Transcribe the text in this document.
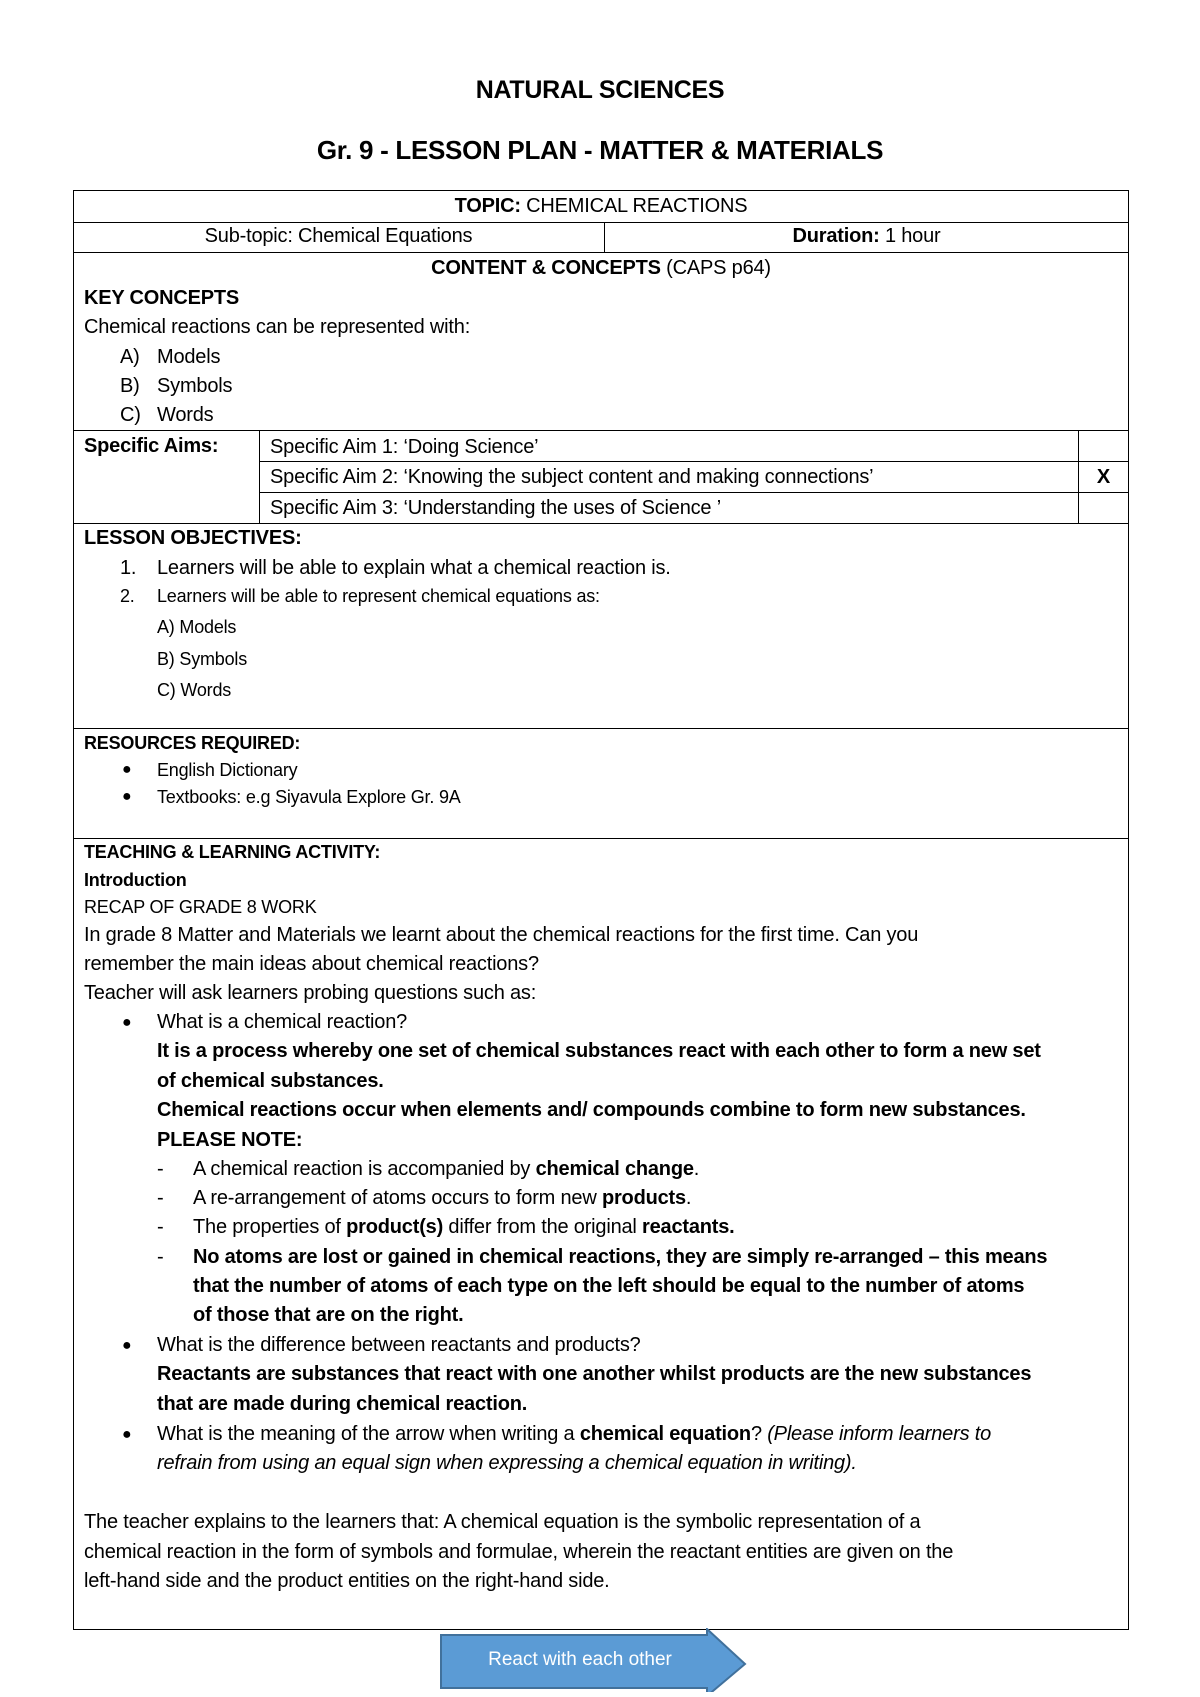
NATURAL SCIENCES
Gr. 9 - LESSON PLAN - MATTER & MATERIALS
TOPIC: CHEMICAL REACTIONS
Sub-topic: Chemical Equations	Duration: 1 hour
CONTENT & CONCEPTS (CAPS p64)
KEY CONCEPTS
Chemical reactions can be represented with:
A) Models
B) Symbols
C) Words
Specific Aims:	Specific Aim 1: ‘Doing Science’
Specific Aim 2: ‘Knowing the subject content and making connections’
Specific Aim 3: ‘Understanding the uses of Science ’
X
LESSON OBJECTIVES:
1. Learners will be able to explain what a chemical reaction is.
2. Learners will be able to represent chemical equations as:
A) Models
B) Symbols
C) Words
RESOURCES REQUIRED:
● English Dictionary
● Textbooks: e.g Siyavula Explore Gr. 9A
TEACHING & LEARNING ACTIVITY:
Introduction
RECAP OF GRADE 8 WORK
In grade 8 Matter and Materials we learnt about the chemical reactions for the first time. Can you
remember the main ideas about chemical reactions?
Teacher will ask learners probing questions such as:
● What is a chemical reaction?
It is a process whereby one set of chemical substances react with each other to form a new set
of chemical substances.
Chemical reactions occur when elements and/ compounds combine to form new substances.
PLEASE NOTE:
- A chemical reaction is accompanied by chemical change.
- A re-arrangement of atoms occurs to form new products.
- The properties of product(s) differ from the original reactants.
- No atoms are lost or gained in chemical reactions, they are simply re-arranged – this means
that the number of atoms of each type on the left should be equal to the number of atoms
of those that are on the right.
● What is the difference between reactants and products?
Reactants are substances that react with one another whilst products are the new substances
that are made during chemical reaction.
● What is the meaning of the arrow when writing a chemical equation? (Please inform learners to
refrain from using an equal sign when expressing a chemical equation in writing).
The teacher explains to the learners that: A chemical equation is the symbolic representation of a
chemical reaction in the form of symbols and formulae, wherein the reactant entities are given on the
left-hand side and the product entities on the right-hand side.
React with each other
